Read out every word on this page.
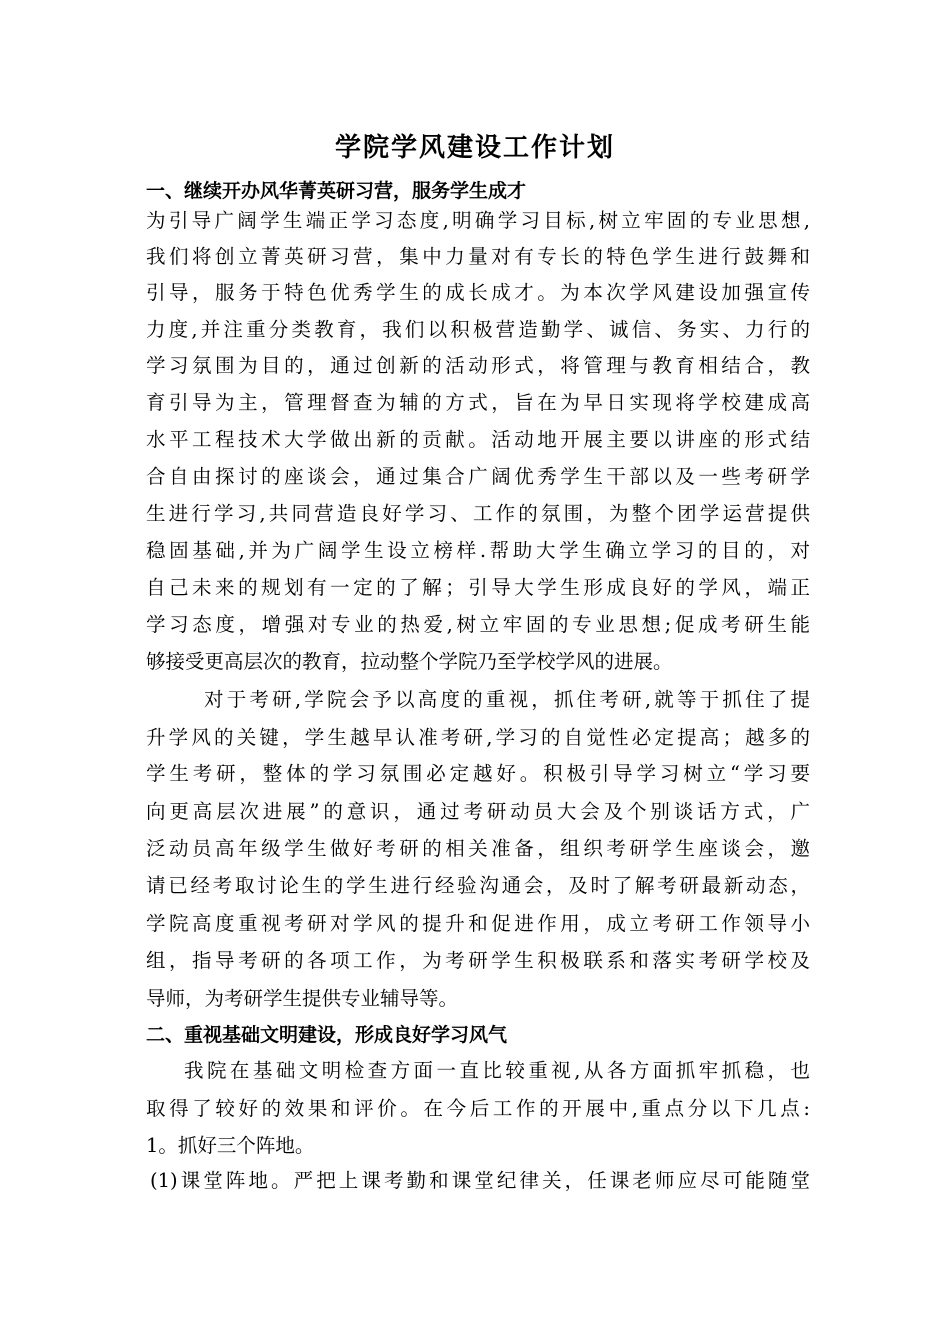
学院学风建设工作计划
一、继续开办风华菁英研习营，服务学生成才

为引导广阔学生端正学习态度,明确学习目标,树立牢固的专业思想,

我们将创立菁英研习营，集中力量对有专长的特色学生进行鼓舞和

引导，服务于特色优秀学生的成长成才。为本次学风建设加强宣传

力度,并注重分类教育，我们以积极营造勤学、诚信、务实、力行的

学习氛围为目的，通过创新的活动形式，将管理与教育相结合，教

育引导为主，管理督查为辅的方式，旨在为早日实现将学校建成高

水平工程技术大学做出新的贡献。活动地开展主要以讲座的形式结

合自由探讨的座谈会，通过集合广阔优秀学生干部以及一些考研学

生进行学习,共同营造良好学习、工作的氛围，为整个团学运营提供

稳固基础,并为广阔学生设立榜样.帮助大学生确立学习的目的，对

自己未来的规划有一定的了解；引导大学生形成良好的学风，端正

学习态度，增强对专业的热爱,树立牢固的专业思想;促成考研生能

够接受更高层次的教育，拉动整个学院乃至学校学风的进展。

对于考研,学院会予以高度的重视，抓住考研,就等于抓住了提

升学风的关键，学生越早认准考研,学习的自觉性必定提高；越多的

学生考研，整体的学习氛围必定越好。积极引导学习树立“学习要

向更高层次进展”的意识，通过考研动员大会及个别谈话方式，广

泛动员高年级学生做好考研的相关准备，组织考研学生座谈会，邀

请已经考取讨论生的学生进行经验沟通会，及时了解考研最新动态，

学院高度重视考研对学风的提升和促进作用，成立考研工作领导小

组，指导考研的各项工作，为考研学生积极联系和落实考研学校及

导师，为考研学生提供专业辅导等。

二、重视基础文明建设，形成良好学习风气

我院在基础文明检查方面一直比较重视,从各方面抓牢抓稳，也

取得了较好的效果和评价。在今后工作的开展中,重点分以下几点:

1。抓好三个阵地。

(1)课堂阵地。严把上课考勤和课堂纪律关，任课老师应尽可能随堂
